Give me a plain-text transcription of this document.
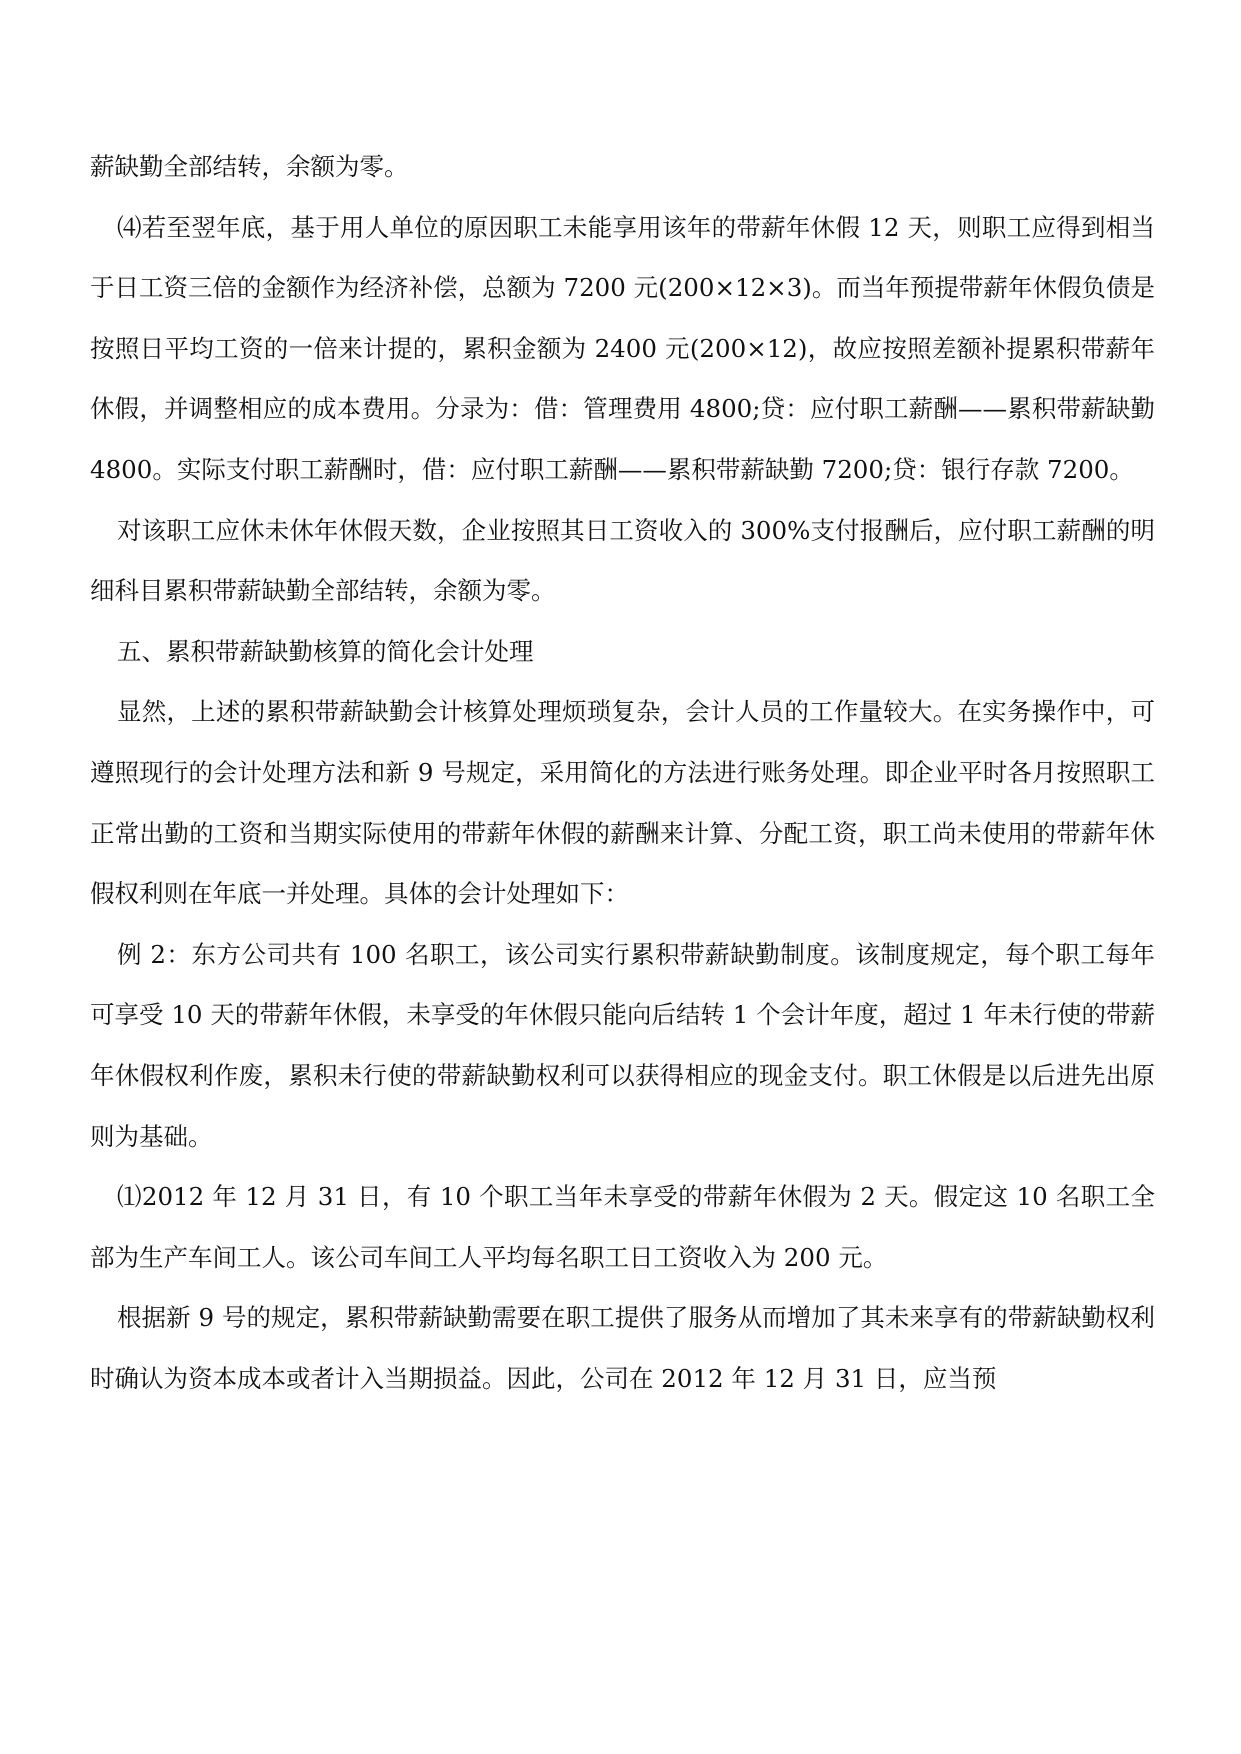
薪缺勤全部结转，余额为零。

⑷若至翌年底，基于用人单位的原因职工未能享用该年的带薪年休假 12 天，则职工应得到相当于日工资三倍的金额作为经济补偿，总额为 7200 元(200×12×3)。而当年预提带薪年休假负债是按照日平均工资的一倍来计提的，累积金额为 2400 元(200×12)，故应按照差额补提累积带薪年休假，并调整相应的成本费用。分录为：借：管理费用 4800;贷：应付职工薪酬——累积带薪缺勤 4800。实际支付职工薪酬时，借：应付职工薪酬——累积带薪缺勤 7200;贷：银行存款 7200。

对该职工应休未休年休假天数，企业按照其日工资收入的 300%支付报酬后，应付职工薪酬的明细科目累积带薪缺勤全部结转，余额为零。

五、累积带薪缺勤核算的简化会计处理

显然，上述的累积带薪缺勤会计核算处理烦琐复杂，会计人员的工作量较大。在实务操作中，可遵照现行的会计处理方法和新 9 号规定，采用简化的方法进行账务处理。即企业平时各月按照职工正常出勤的工资和当期实际使用的带薪年休假的薪酬来计算、分配工资，职工尚未使用的带薪年休假权利则在年底一并处理。具体的会计处理如下：

例 2：东方公司共有 100 名职工，该公司实行累积带薪缺勤制度。该制度规定，每个职工每年可享受 10 天的带薪年休假，未享受的年休假只能向后结转 1 个会计年度，超过 1 年未行使的带薪年休假权利作废，累积未行使的带薪缺勤权利可以获得相应的现金支付。职工休假是以后进先出原则为基础。

⑴2012 年 12 月 31 日，有 10 个职工当年未享受的带薪年休假为 2 天。假定这 10 名职工全部为生产车间工人。该公司车间工人平均每名职工日工资收入为 200 元。

根据新 9 号的规定，累积带薪缺勤需要在职工提供了服务从而增加了其未来享有的带薪缺勤权利时确认为资本成本或者计入当期损益。因此，公司在 2012 年 12 月 31 日，应当预
